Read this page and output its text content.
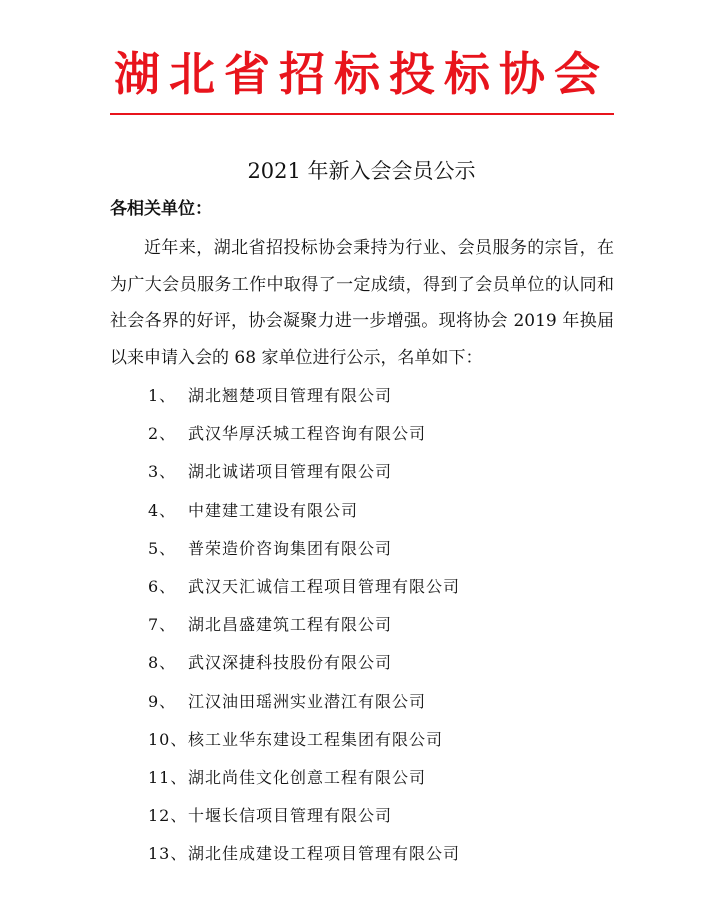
湖北省招标投标协会
2021 年新入会会员公示
各相关单位：
近年来，湖北省招投标协会秉持为行业、会员服务的宗旨，在为广大会员服务工作中取得了一定成绩，得到了会员单位的认同和社会各界的好评，协会凝聚力进一步增强。现将协会 2019 年换届以来申请入会的 68 家单位进行公示，名单如下：
1、 湖北翘楚项目管理有限公司
2、 武汉华厚沃城工程咨询有限公司
3、 湖北诚诺项目管理有限公司
4、 中建建工建设有限公司
5、 普荣造价咨询集团有限公司
6、 武汉天汇诚信工程项目管理有限公司
7、 湖北昌盛建筑工程有限公司
8、 武汉深捷科技股份有限公司
9、 江汉油田瑶洲实业潜江有限公司
10、核工业华东建设工程集团有限公司
11、湖北尚佳文化创意工程有限公司
12、十堰长信项目管理有限公司
13、湖北佳成建设工程项目管理有限公司
